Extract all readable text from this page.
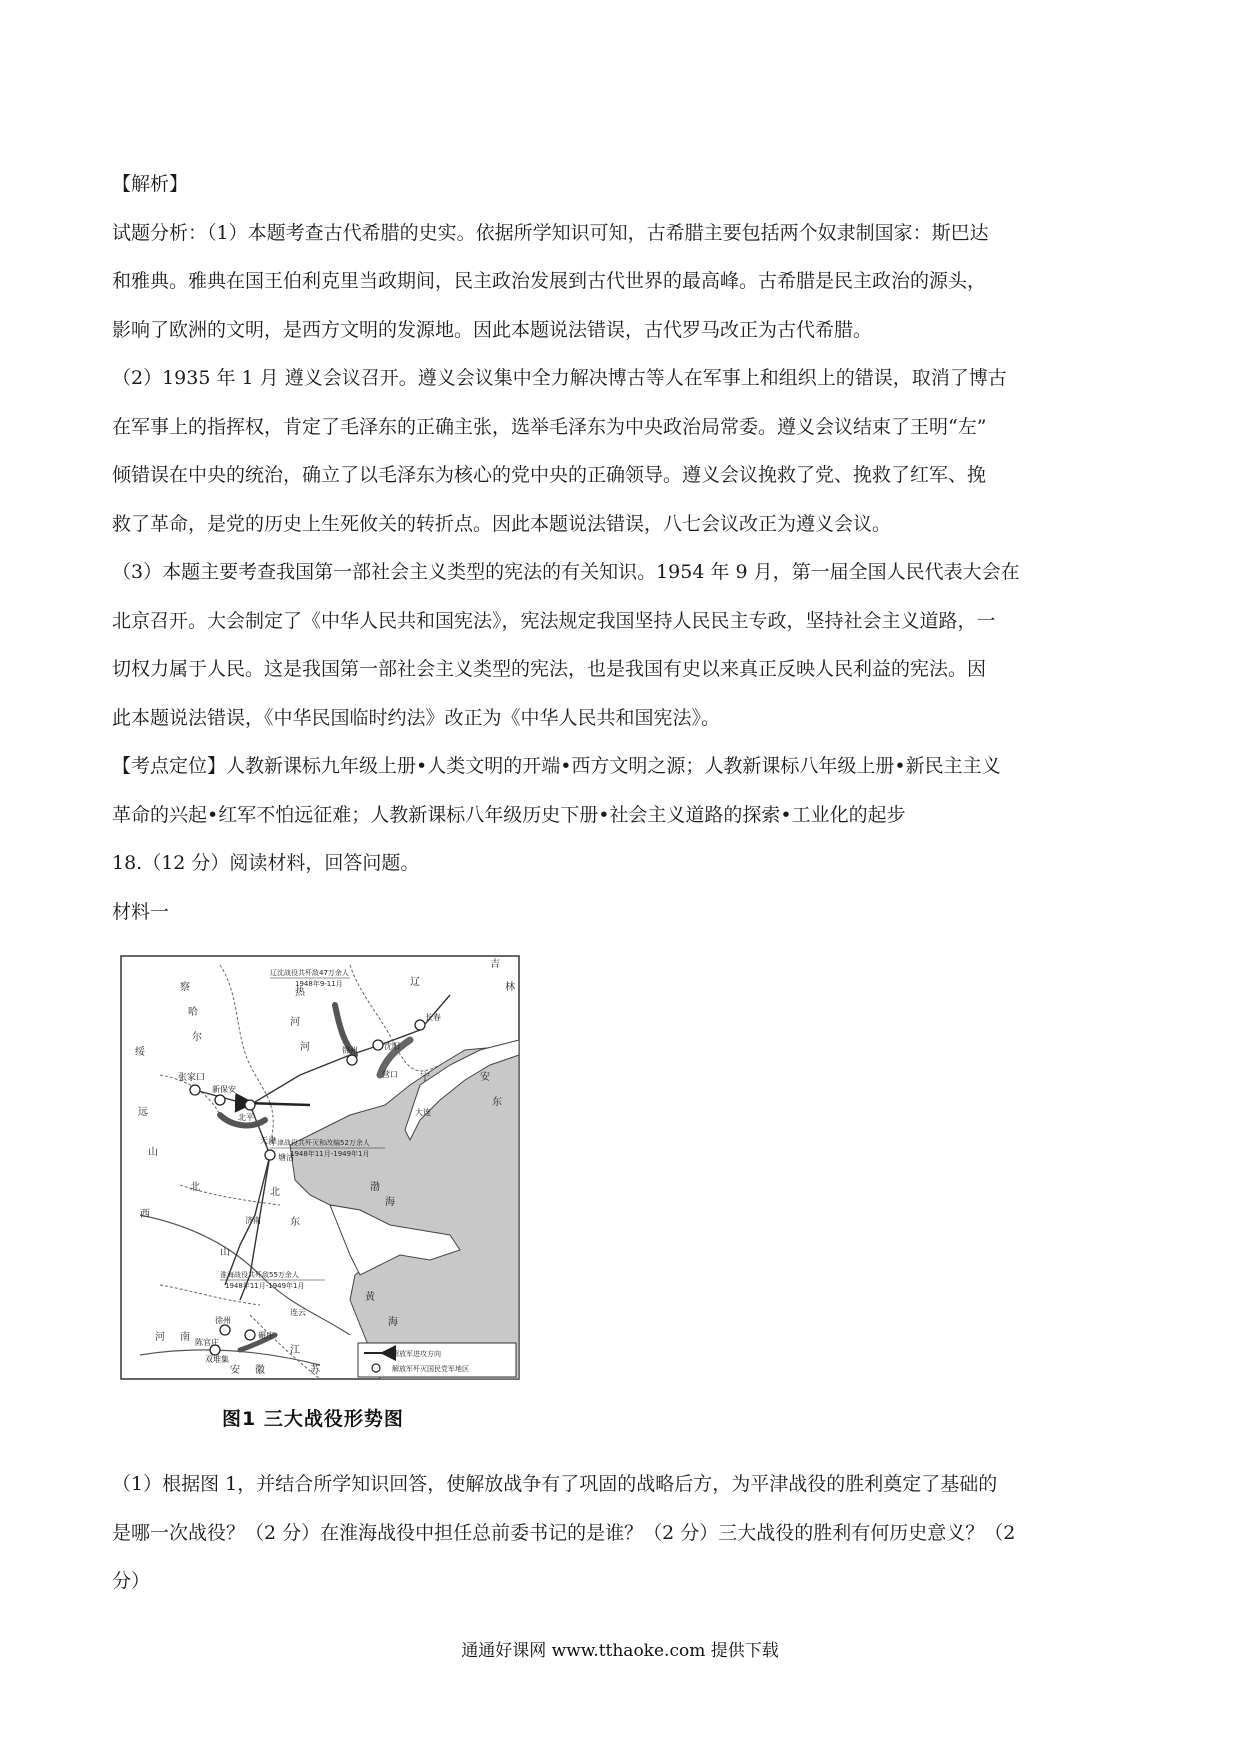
【解析】
试题分析：（1）本题考查古代希腊的史实。依据所学知识可知，古希腊主要包括两个奴隶制国家：斯巴达
和雅典。雅典在国王伯利克里当政期间，民主政治发展到古代世界的最高峰。古希腊是民主政治的源头，
影响了欧洲的文明，是西方文明的发源地。因此本题说法错误，古代罗马改正为古代希腊。
（2）1935 年 1 月 遵义会议召开。遵义会议集中全力解决博古等人在军事上和组织上的错误，取消了博古
在军事上的指挥权，肯定了毛泽东的正确主张，选举毛泽东为中央政治局常委。遵义会议结束了王明“左”
倾错误在中央的统治，确立了以毛泽东为核心的党中央的正确领导。遵义会议挽救了党、挽救了红军、挽
救了革命，是党的历史上生死攸关的转折点。因此本题说法错误，八七会议改正为遵义会议。
（3）本题主要考查我国第一部社会主义类型的宪法的有关知识。1954 年 9 月，第一届全国人民代表大会在
北京召开。大会制定了《中华人民共和国宪法》，宪法规定我国坚持人民民主专政，坚持社会主义道路，一
切权力属于人民。这是我国第一部社会主义类型的宪法，也是我国有史以来真正反映人民利益的宪法。因
此本题说法错误，《中华民国临时约法》改正为《中华人民共和国宪法》。
【考点定位】人教新课标九年级上册•人类文明的开端•西方文明之源；人教新课标八年级上册•新民主主义
革命的兴起•红军不怕远征难；人教新课标八年级历史下册•社会主义道路的探索•工业化的起步
18.（12 分）阅读材料，回答问题。
材料一
辽沈战役共歼敌47万余人
1948年9-11月
平津战役共歼灭和改编52万余人
1948年11月-1949年1月
淮海战役共歼敌55万余人
1948年11月-1949年1月
张家口
新保安
北平
天津
塘沽
锦州	沈阳
长春
营口
大连
济南
徐州
连云
陈官庄
双堆集
碾庄
察
哈
尔
绥
远
山
西
热
河
北
辽
宁
吉
林
安
东
渤
海
山
东
黄
海
河 南
安 徽
江
苏
河
北
解放军进攻方向
解放军歼灭国民党军地区
图1 三大战役形势图
（1）根据图 1，并结合所学知识回答，使解放战争有了巩固的战略后方，为平津战役的胜利奠定了基础的
是哪一次战役？（2 分）在淮海战役中担任总前委书记的是谁？（2 分）三大战役的胜利有何历史意义？（2
分）
通通好课网 www.tthaoke.com 提供下载
